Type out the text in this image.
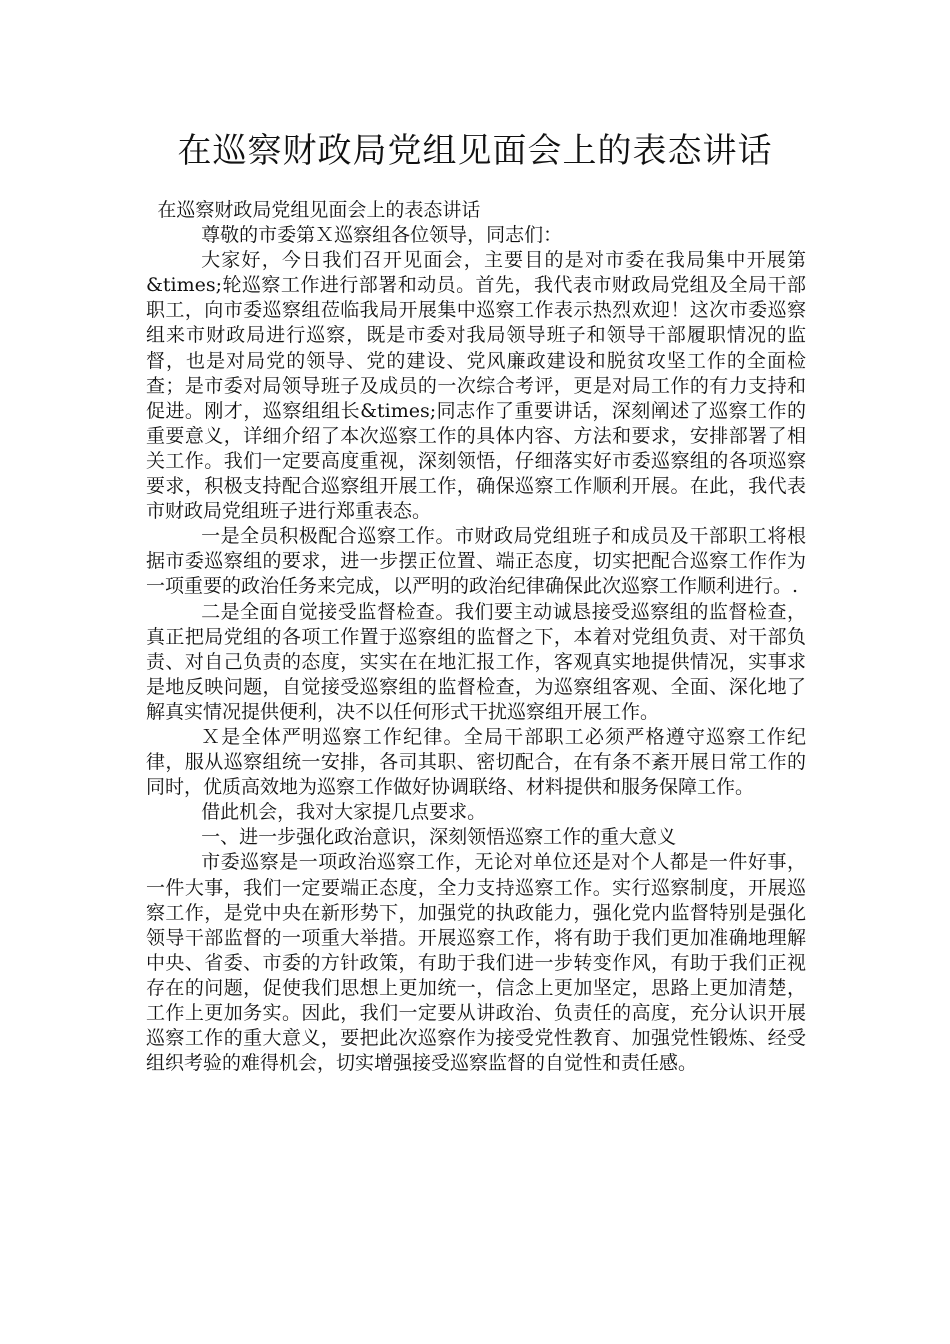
在巡察财政局党组见面会上的表态讲话

在巡察财政局党组见面会上的表态讲话

尊敬的市委第Ｘ巡察组各位领导，同志们：

大家好，今日我们召开见面会，主要目的是对市委在我局集中开展第&times;轮巡察工作进行部署和动员。首先，我代表市财政局党组及全局干部职工，向市委巡察组莅临我局开展集中巡察工作表示热烈欢迎！这次市委巡察组来市财政局进行巡察，既是市委对我局领导班子和领导干部履职情况的监督，也是对局党的领导、党的建设、党风廉政建设和脱贫攻坚工作的全面检查；是市委对局领导班子及成员的一次综合考评，更是对局工作的有力支持和促进。刚才，巡察组组长&times;同志作了重要讲话，深刻阐述了巡察工作的重要意义，详细介绍了本次巡察工作的具体内容、方法和要求，安排部署了相关工作。我们一定要高度重视，深刻领悟，仔细落实好市委巡察组的各项巡察要求，积极支持配合巡察组开展工作，确保巡察工作顺利开展。在此，我代表市财政局党组班子进行郑重表态。

一是全员积极配合巡察工作。市财政局党组班子和成员及干部职工将根据市委巡察组的要求，进一步摆正位置、端正态度，切实把配合巡察工作作为一项重要的政治任务来完成，以严明的政治纪律确保此次巡察工作顺利进行。.

二是全面自觉接受监督检查。我们要主动诚恳接受巡察组的监督检查，真正把局党组的各项工作置于巡察组的监督之下，本着对党组负责、对干部负责、对自己负责的态度，实实在在地汇报工作，客观真实地提供情况，实事求是地反映问题，自觉接受巡察组的监督检查，为巡察组客观、全面、深化地了解真实情况提供便利，决不以任何形式干扰巡察组开展工作。

Ｘ是全体严明巡察工作纪律。全局干部职工必须严格遵守巡察工作纪律，服从巡察组统一安排，各司其职、密切配合，在有条不紊开展日常工作的同时，优质高效地为巡察工作做好协调联络、材料提供和服务保障工作。

借此机会，我对大家提几点要求。

一、进一步强化政治意识，深刻领悟巡察工作的重大意义

市委巡察是一项政治巡察工作，无论对单位还是对个人都是一件好事，一件大事，我们一定要端正态度，全力支持巡察工作。实行巡察制度，开展巡察工作，是党中央在新形势下，加强党的执政能力，强化党内监督特别是强化领导干部监督的一项重大举措。开展巡察工作，将有助于我们更加准确地理解中央、省委、市委的方针政策，有助于我们进一步转变作风，有助于我们正视存在的问题，促使我们思想上更加统一，信念上更加坚定，思路上更加清楚，工作上更加务实。因此，我们一定要从讲政治、负责任的高度，充分认识开展巡察工作的重大意义，要把此次巡察作为接受党性教育、加强党性锻炼、经受组织考验的难得机会，切实增强接受巡察监督的自觉性和责任感。
